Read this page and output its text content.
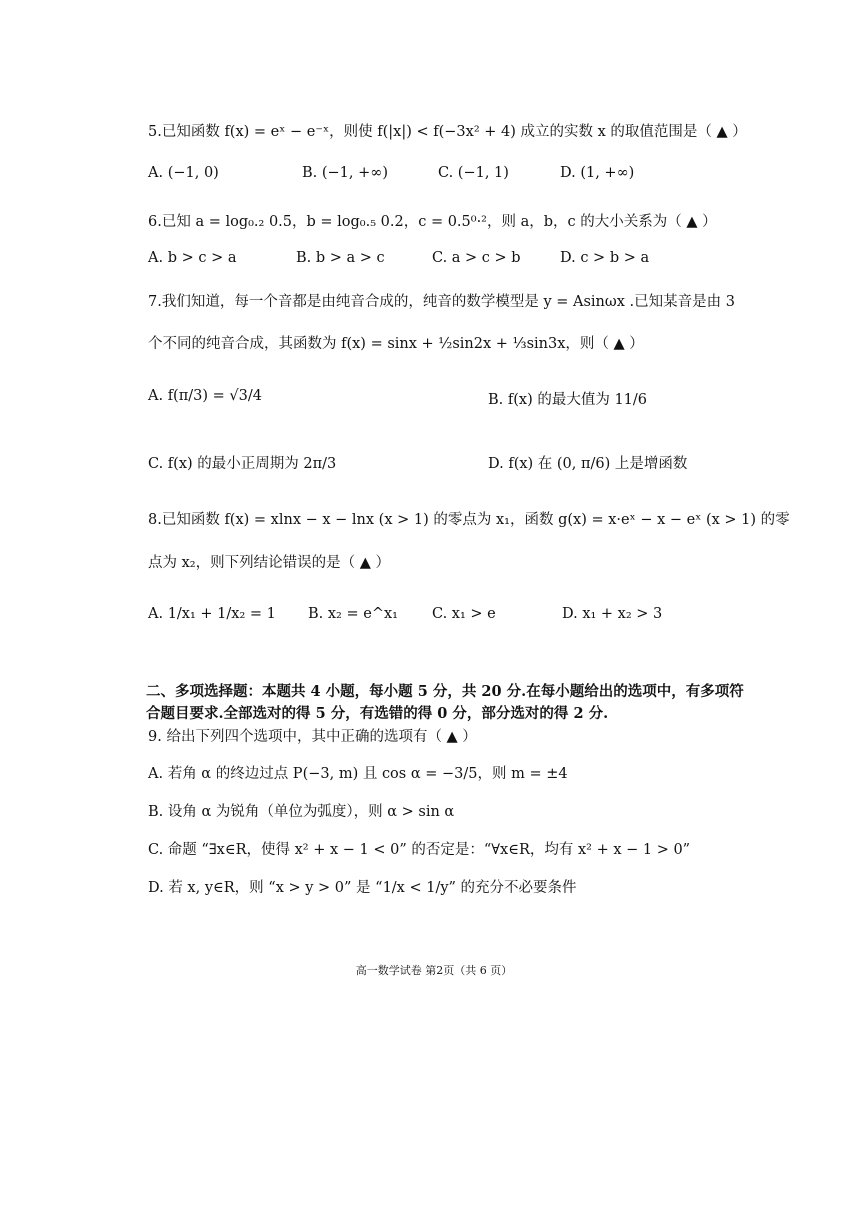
5.已知函数 f(x) = eˣ − e⁻ˣ，则使 f(|x|) < f(−3x² + 4) 成立的实数 x 的取值范围是（ ▲ ）
A. (−1, 0)	B. (−1, +∞)	C. (−1, 1)	D. (1, +∞)
6.已知 a = log₀.₂ 0.5，b = log₀.₅ 0.2，c = 0.5⁰·²，则 a，b，c 的大小关系为（ ▲ ）
A. b > c > a	B. b > a > c	C. a > c > b	D. c > b > a
7.我们知道，每一个音都是由纯音合成的，纯音的数学模型是 y = Asinωx .已知某音是由 3
个不同的纯音合成，其函数为 f(x) = sinx + ½sin2x + ⅓sin3x，则（ ▲ ）
A. f(π/3) = √3/4	B. f(x) 的最大值为 11/6
C. f(x) 的最小正周期为 2π/3	D. f(x) 在 (0, π/6) 上是增函数
8.已知函数 f(x) = xlnx − x − lnx (x > 1) 的零点为 x₁，函数 g(x) = x·eˣ − x − eˣ (x > 1) 的零
点为 x₂，则下列结论错误的是（ ▲ ）
A. 1/x₁ + 1/x₂ = 1 B. x₂ = e^x₁ C. x₁ > e	D. x₁ + x₂ > 3
二、多项选择题：本题共 4 小题，每小题 5 分，共 20 分.在每小题给出的选项中，有多项符
合题目要求.全部选对的得 5 分，有选错的得 0 分，部分选对的得 2 分.
9. 给出下列四个选项中，其中正确的选项有（ ▲ ）
A. 若角 α 的终边过点 P(−3, m) 且 cos α = −3/5，则 m = ±4
B. 设角 α 为锐角（单位为弧度），则 α > sin α
C. 命题 “∃x∈R，使得 x² + x − 1 < 0” 的否定是：“∀x∈R，均有 x² + x − 1 > 0”
D. 若 x, y∈R，则 “x > y > 0” 是 “1/x < 1/y” 的充分不必要条件
高一数学试卷 第2页（共 6 页）
